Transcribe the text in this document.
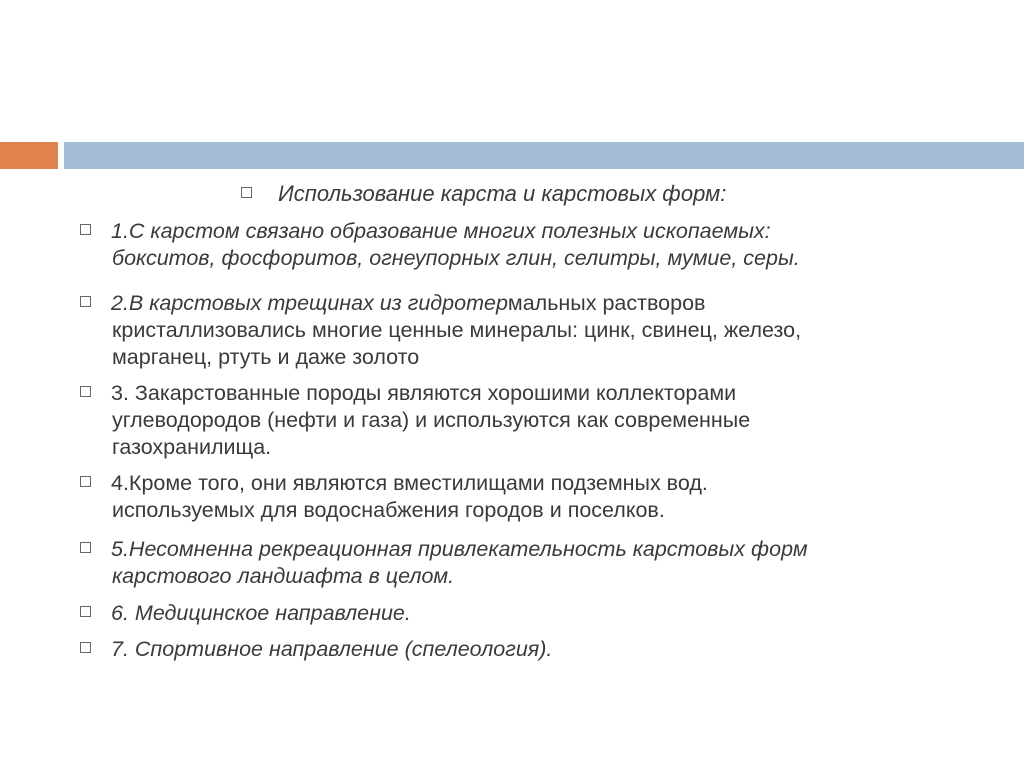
Использование карста и карстовых форм:
1.С карстом связано образование многих полезных ископаемых:
бокситов, фосфоритов, огнеупорных глин, селитры, мумие, серы.
2.В карстовых трещинах из гидротермальных растворов
кристаллизовались многие ценные минералы: цинк, свинец, железо,
марганец, ртуть и даже золото
3. Закарстованные породы являются хорошими коллекторами
углеводородов (нефти и газа) и используются как современные
газохранилища.
4.Кроме того, они являются вместилищами подземных вод.
используемых для водоснабжения городов и поселков.
5.Несомненна рекреационная привлекательность карстовых форм
карстового ландшафта в целом.
6. Медицинское направление.
7. Спортивное направление (спелеология).
